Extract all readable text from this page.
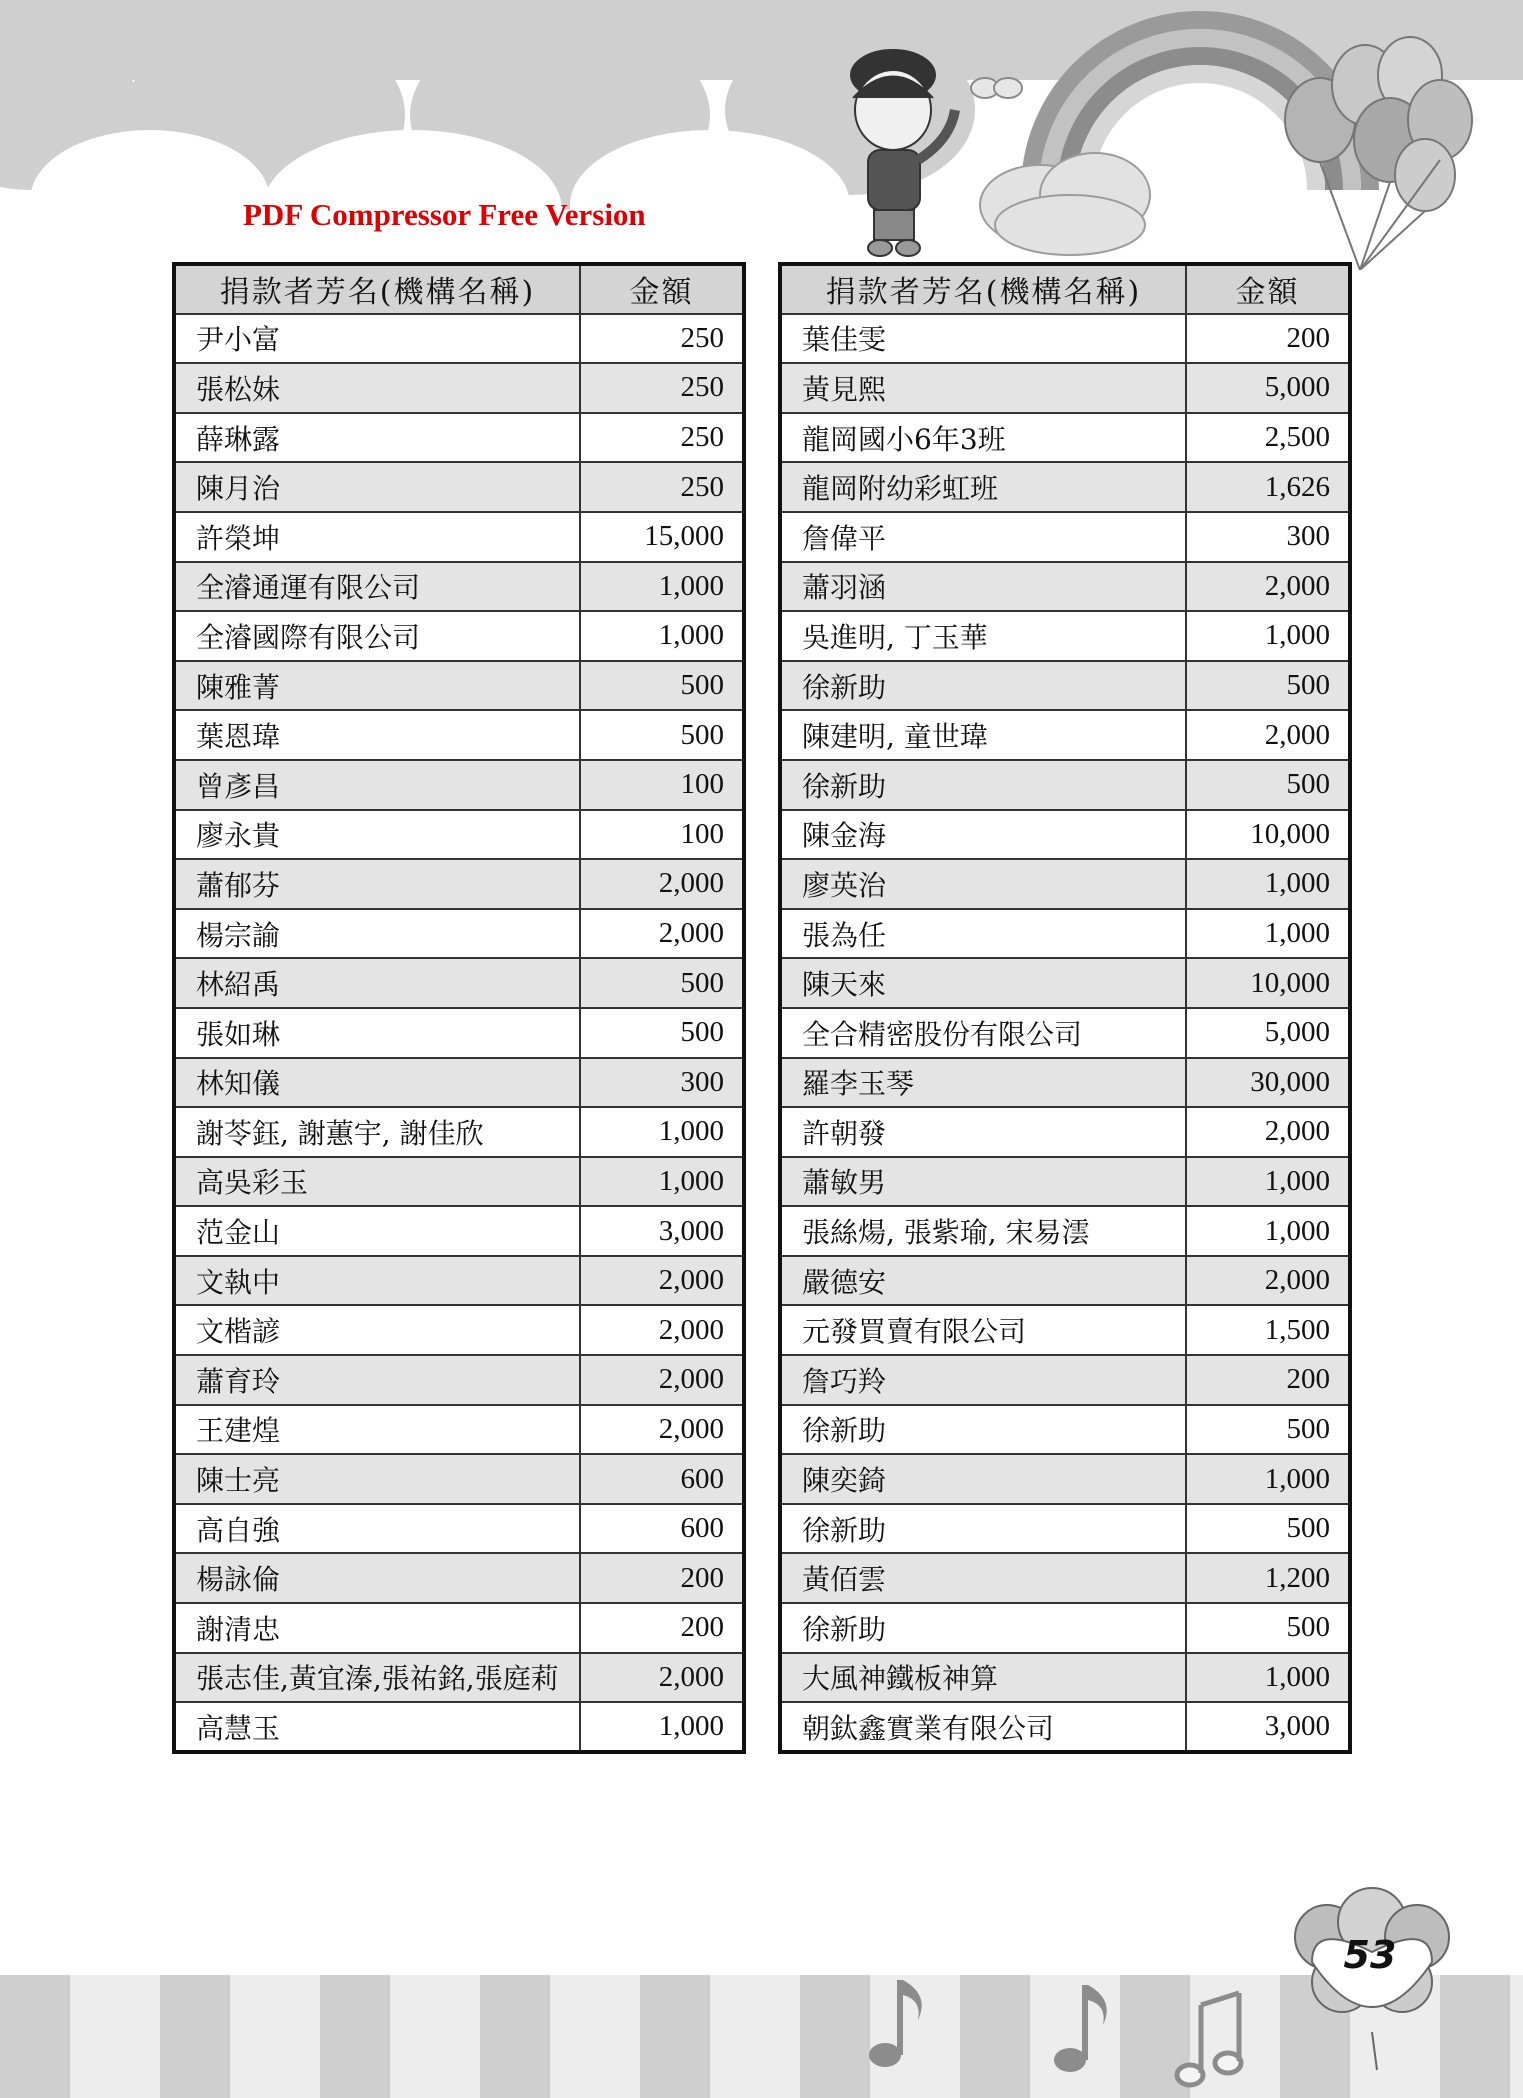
PDF Compressor Free Version
捐款者芳名(機構名稱)	金額
尹小富	250
張松妹	250
薛琳露	250
陳月治	250
許榮坤	15,000
全濬通運有限公司	1,000
全濬國際有限公司	1,000
陳雅菁	500
葉恩瑋	500
曾彥昌	100
廖永貴	100
蕭郁芬	2,000
楊宗諭	2,000
林紹禹	500
張如琳	500
林知儀	300
謝苓鈺, 謝蕙宇, 謝佳欣	1,000
高吳彩玉	1,000
范金山	3,000
文執中	2,000
文楷諺	2,000
蕭育玲	2,000
王建煌	2,000
陳士亮	600
高自強	600
楊詠倫	200
謝清忠	200
張志佳,黃宜溱,張祐銘,張庭莉	2,000
高慧玉	1,000
捐款者芳名(機構名稱)	金額
葉佳雯	200
黃見熙	5,000
龍岡國小6年3班	2,500
龍岡附幼彩虹班	1,626
詹偉平	300
蕭羽涵	2,000
吳進明, 丁玉華	1,000
徐新助	500
陳建明, 童世瑋	2,000
徐新助	500
陳金海	10,000
廖英治	1,000
張為任	1,000
陳天來	10,000
全合精密股份有限公司	5,000
羅李玉琴	30,000
許朝發	2,000
蕭敏男	1,000
張絲煬, 張紫瑜, 宋易澐	1,000
嚴德安	2,000
元發買賣有限公司	1,500
詹巧羚	200
徐新助	500
陳奕錡	1,000
徐新助	500
黃佰雲	1,200
徐新助	500
大風神鐵板神算	1,000
朝鈦鑫實業有限公司	3,000
53
